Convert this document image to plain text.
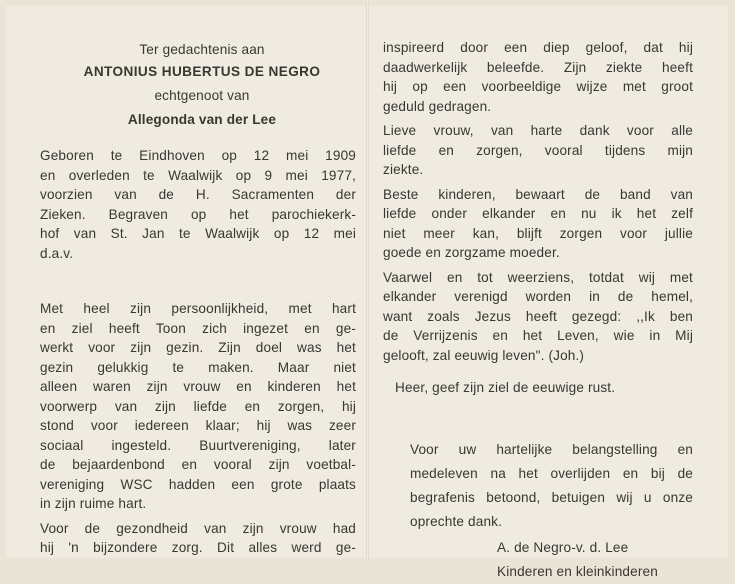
Ter gedachtenis aan
ANTONIUS HUBERTUS DE NEGRO
echtgenoot van
Allegonda van der Lee
Geboren te Eindhoven op 12 mei 1909
en overleden te Waalwijk op 9 mei 1977,
voorzien van de H. Sacramenten der
Zieken. Begraven op het parochiekerk-
hof van St. Jan te Waalwijk op 12 mei
d.a.v.
Met heel zijn persoonlijkheid, met hart
en ziel heeft Toon zich ingezet en ge-
werkt voor zijn gezin. Zijn doel was het
gezin gelukkig te maken. Maar niet
alleen waren zijn vrouw en kinderen het
voorwerp van zijn liefde en zorgen, hij
stond voor iedereen klaar; hij was zeer
sociaal ingesteld. Buurtvereniging, later
de bejaardenbond en vooral zijn voetbal-
vereniging WSC hadden een grote plaats
in zijn ruime hart.
Voor de gezondheid van zijn vrouw had
hij 'n bijzondere zorg. Dit alles werd ge-
inspireerd door een diep geloof, dat hij
daadwerkelijk beleefde. Zijn ziekte heeft
hij op een voorbeeldige wijze met groot
geduld gedragen.
Lieve vrouw, van harte dank voor alle
liefde en zorgen, vooral tijdens mijn
ziekte.
Beste kinderen, bewaart de band van
liefde onder elkander en nu ik het zelf
niet meer kan, blijft zorgen voor jullie
goede en zorgzame moeder.
Vaarwel en tot weerziens, totdat wij met
elkander verenigd worden in de hemel,
want zoals Jezus heeft gezegd: ,,Ik ben
de Verrijzenis en het Leven, wie in Mij
gelooft, zal eeuwig leven". (Joh.)
Heer, geef zijn ziel de eeuwige rust.
Voor uw hartelijke belangstelling en
medeleven na het overlijden en bij de
begrafenis betoond, betuigen wij u onze
oprechte dank.
A. de Negro-v. d. Lee
Kinderen en kleinkinderen
